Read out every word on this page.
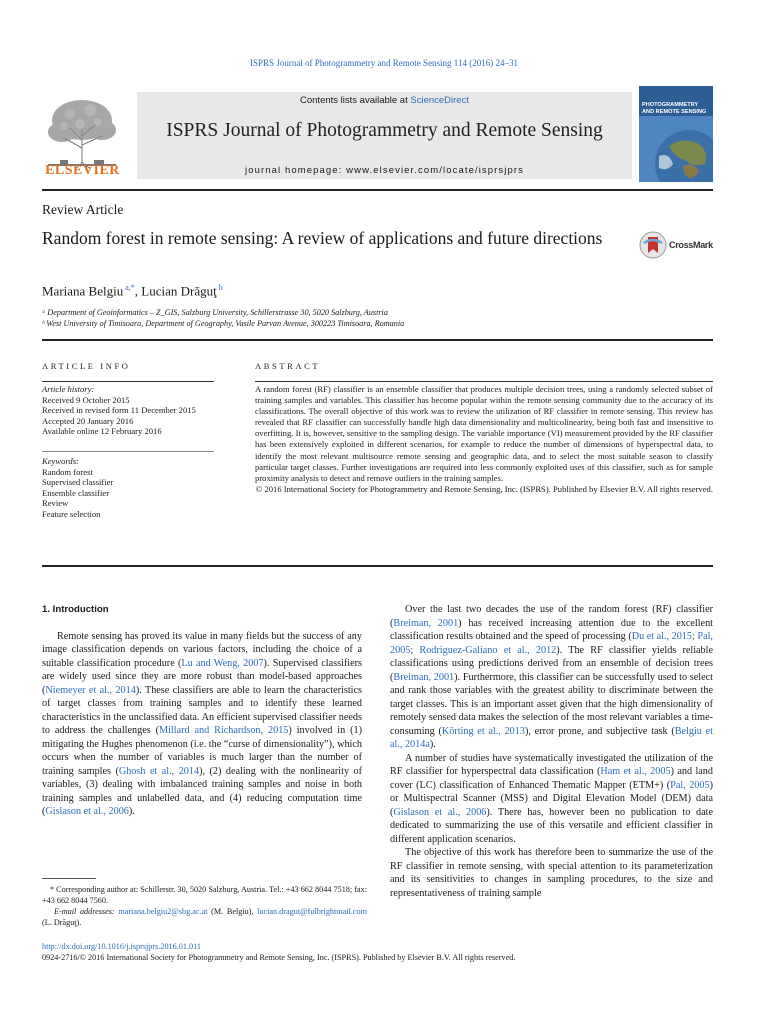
ISPRS Journal of Photogrammetry and Remote Sensing 114 (2016) 24–31
ELSEVIER
Contents lists available at ScienceDirect
ISPRS Journal of Photogrammetry and Remote Sensing
journal homepage: www.elsevier.com/locate/isprsjprs
PHOTOGRAMMETRY
AND REMOTE SENSING
Review Article
Random forest in remote sensing: A review of applications and future directions	CrossMark
Mariana Belgiu $^{a,*}$, Lucian Drăguţ $^b$
ᵃ Department of Geoinformatics – Z_GIS, Salzburg University, Schillerstrasse 30, 5020 Salzburg, Austria
ᵇ West University of Timisoara, Department of Geography, Vasile Parvan Avenue, 300223 Timisoara, Romania
ARTICLE INFO	ABSTRACT
Article history:
Received 9 October 2015
Received in revised form 11 December 2015
Accepted 20 January 2016
Available online 12 February 2016
Keywords:
Random forest
Supervised classifier
Ensemble classifier
Review
Feature selection
A random forest (RF) classifier is an ensemble classifier that produces multiple decision trees, using a randomly selected subset of training samples and variables. This classifier has become popular within the remote sensing community due to the accuracy of its classifications. The overall objective of this work was to review the utilization of RF classifier in remote sensing. This review has revealed that RF classifier can successfully handle high data dimensionality and multicolinearity, being both fast and insensitive to overfitting. It is, however, sensitive to the sampling design. The variable importance (VI) measurement provided by the RF classifier has been extensively exploited in different scenarios, for example to reduce the number of dimensions of hyperspectral data, to identify the most relevant multisource remote sensing and geographic data, and to select the most suitable season to classify particular target classes. Further investigations are required into less commonly exploited uses of this classifier, such as for sample proximity analysis to detect and remove outliers in the training samples.
© 2016 International Society for Photogrammetry and Remote Sensing, Inc. (ISPRS). Published by Elsevier B.V. All rights reserved.
1. Introduction

Remote sensing has proved its value in many fields but the success of any image classification depends on various factors, including the choice of a suitable classification procedure (Lu and Weng, 2007). Supervised classifiers are widely used since they are more robust than model-based approaches (Niemeyer et al., 2014). These classifiers are able to learn the characteristics of target classes from training samples and to identify these learned characteristics in the unclassified data. An efficient supervised classifier needs to address the challenges (Millard and Richardson, 2015) involved in (1) mitigating the Hughes phenomenon (i.e. the “curse of dimensionality”), which occurs when the number of variables is much larger than the number of training samples (Ghosh et al., 2014), (2) dealing with the nonlinearity of variables, (3) dealing with imbalanced training samples and noise in both training samples and unlabelled data, and (4) reducing computation time (Gislason et al., 2006).

Over the last two decades the use of the random forest (RF) classifier (Breiman, 2001) has received increasing attention due to the excellent classification results obtained and the speed of processing (Du et al., 2015; Pal, 2005; Rodriguez-Galiano et al., 2012). The RF classifier yields reliable classifications using predictions derived from an ensemble of decision trees (Breiman, 2001). Furthermore, this classifier can be successfully used to select and rank those variables with the greatest ability to discriminate between the target classes. This is an important asset given that the high dimensionality of remotely sensed data makes the selection of the most relevant variables a time-consuming (Körting et al., 2013), error prone, and subjective task (Belgiu et al., 2014a).

A number of studies have systematically investigated the utilization of the RF classifier for hyperspectral data classification (Ham et al., 2005) and land cover (LC) classification of Enhanced Thematic Mapper (ETM+) (Pal, 2005) or Multispectral Scanner (MSS) and Digital Elevation Model (DEM) data (Gislason et al., 2006). There has, however been no publication to date dedicated to summarizing the use of this versatile and efficient classifier in different application scenarios.

The objective of this work has therefore been to summarize the use of the RF classifier in remote sensing, with special attention to its parameterization and its sensitivities to changes in sampling procedures, to the size and representativeness of training sample

* Corresponding author at: Schillerstr. 30, 5020 Salzburg, Austria. Tel.: +43 662 8044 7518; fax: +43 662 8044 7560.
E-mail addresses: mariana.belgiu2@sbg.ac.at (M. Belgiu), lucian.dragut@fulbrightmail.com (L. Drăguţ).
http://dx.doi.org/10.1016/j.isprsjprs.2016.01.011
0924-2716/© 2016 International Society for Photogrammetry and Remote Sensing, Inc. (ISPRS). Published by Elsevier B.V. All rights reserved.
